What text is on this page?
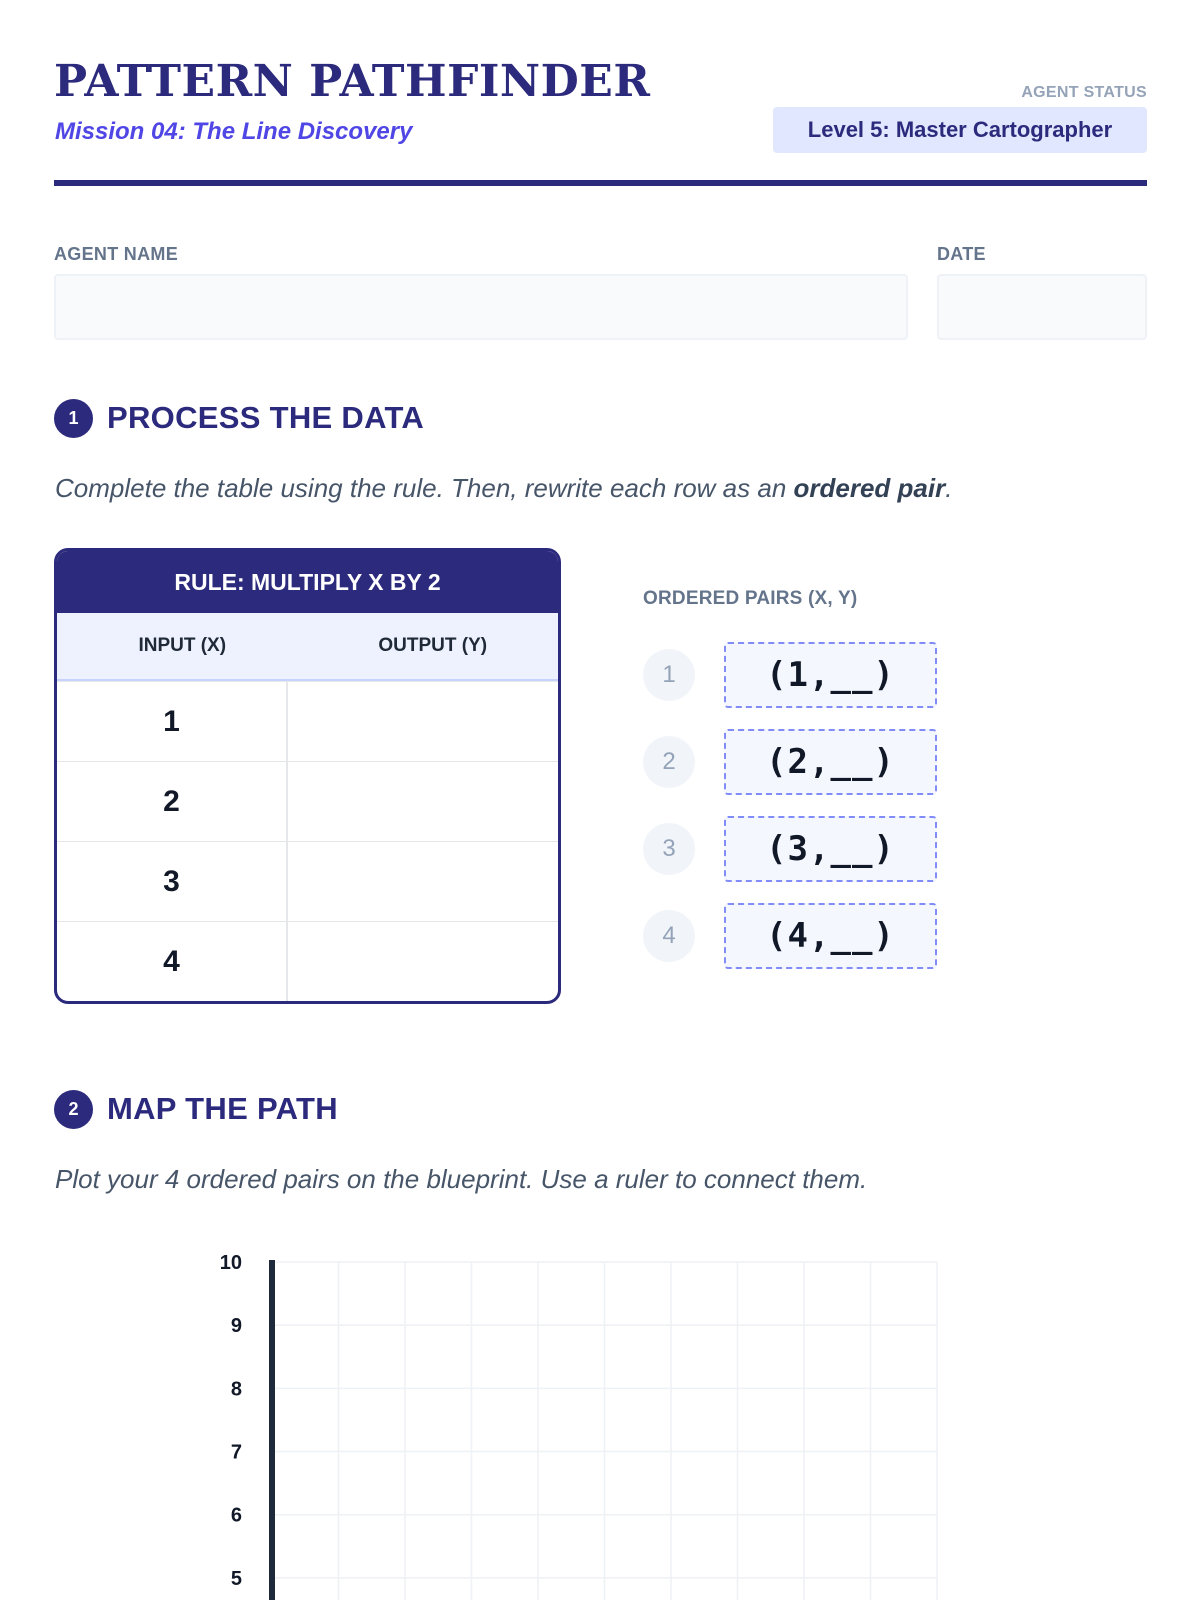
PATTERN PATHFINDER
Mission 04: The Line Discovery
AGENT STATUS
Level 5: Master Cartographer
AGENT NAME	DATE
1 PROCESS THE DATA
Complete the table using the rule. Then, rewrite each row as an ordered pair.
RULE: MULTIPLY X BY 2
INPUT (X)	OUTPUT (Y)
1
2
3
4
ORDERED PAIRS (X, Y)
1	(1,__)
2	(2,__)
3	(3,__)
4	(4,__)
2 MAP THE PATH
Plot your 4 ordered pairs on the blueprint. Use a ruler to connect them.
10
9
8
7
6
5
